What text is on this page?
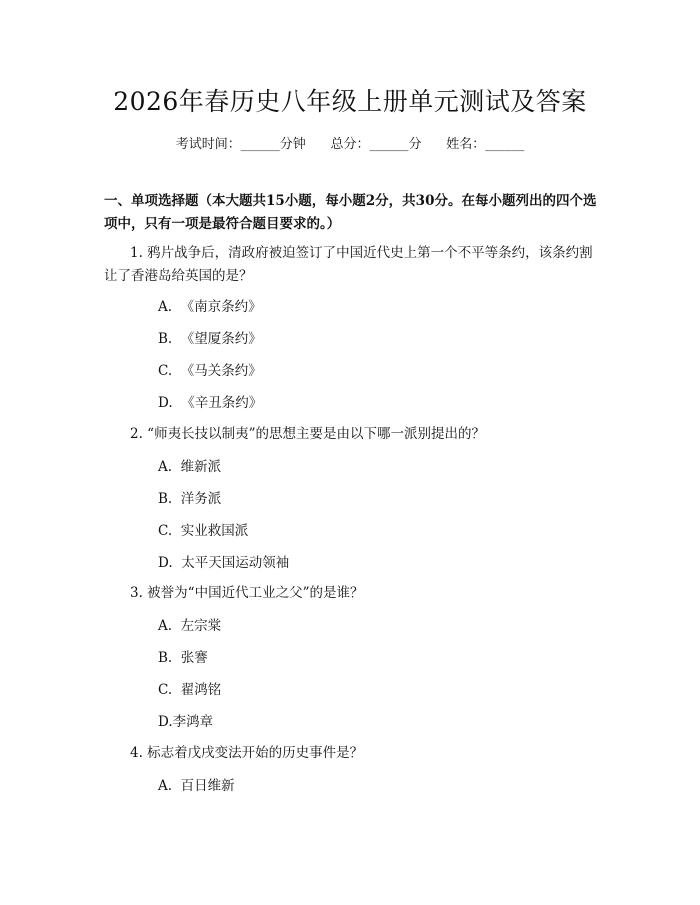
2026年春历史八年级上册单元测试及答案
考试时间：______分钟      总分：______分      姓名：______
一、单项选择题（本大题共15小题，每小题2分，共30分。在每小题列出的四个选项中，只有一项是最符合题目要求的。）
1. 鸦片战争后，清政府被迫签订了中国近代史上第一个不平等条约，该条约割让了香港岛给英国的是？
A.  《南京条约》
B.  《望厦条约》
C.  《马关条约》
D.  《辛丑条约》
2. “师夷长技以制夷”的思想主要是由以下哪一派别提出的？
A.  维新派
B.  洋务派
C.  实业救国派
D.  太平天国运动领袖
3. 被誉为“中国近代工业之父”的是谁？
A.  左宗棠
B.  张謇
C.  翟鸿铭
D.李鸿章
4. 标志着戊戌变法开始的历史事件是？
A.  百日维新
